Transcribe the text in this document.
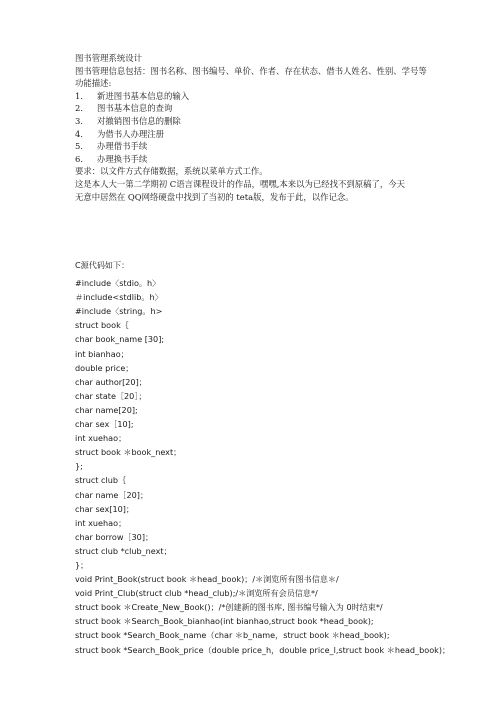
图书管理系统设计
图书管理信息包括：图书名称、图书编号、单价、作者、存在状态、借书人姓名、性别、学号等
功能描述:
1． 新进图书基本信息的输入
2． 图书基本信息的查询
3． 对撤销图书信息的删除
4． 为借书人办理注册
5． 办理借书手续
6． 办理换书手续
要求：以文件方式存储数据，系统以菜单方式工作。
这是本人大一第二学期初 C语言课程设计的作品，嘿嘿,本来以为已经找不到原稿了，今天
无意中居然在 QQ网络硬盘中找到了当初的 teta版，发布于此，以作记念。
C源代码如下：
#include〈stdio。h〉
＃include<stdlib。h〉
#include〈string。h>
struct book｛
char book_name [30];
int bianhao；
double price；
char author[20]；
char state［20］；
char name[20];
char sex［10];
int xuehao；
struct book ＊book_next；
};
struct club｛
char name［20]；
char sex[10]；
int xuehao；
char borrow［30]；
struct club *club_next；
}；
void Print_Book(struct book ＊head_book)；/＊浏览所有图书信息＊/
void Print_Club(struct club *head_club);/＊浏览所有会员信息*/
struct book ＊Create_New_Book()；/*创建新的图书库, 图书编号输入为 0时结束*/
struct book ＊Search_Book_bianhao(int bianhao,struct book *head_book);
struct book *Search_Book_name（char ＊b_name，struct book ＊head_book);
struct book *Search_Book_price（double price_h，double price_l,struct book ＊head_book)；
